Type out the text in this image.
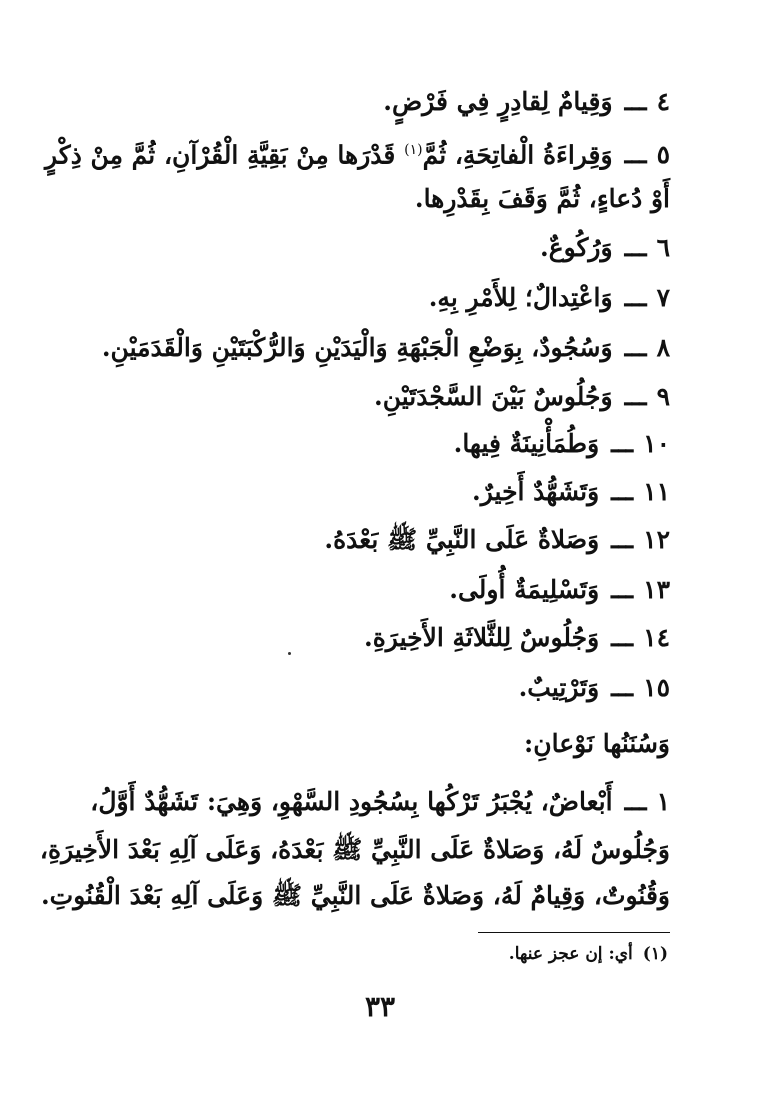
٤ـــوَقِيامٌ لِقادِرٍ فِي فَرْضٍ.
٥ـــوَقِراءَةُ الْفاتِحَةِ، ثُمَّ$^{(١)}$ قَدْرَها مِنْ بَقِيَّةِ الْقُرْآنِ، ثُمَّ مِنْ ذِكْرٍ
أَوْ دُعاءٍ، ثُمَّ وَقَفَ بِقَدْرِها.
٦ـــوَرُكُوعٌ.
٧ـــوَاعْتِدالٌ؛ لِلأَمْرِ بِهِ.
٨ـــوَسُجُودٌ، بِوَضْعِ الْجَبْهَةِ وَالْيَدَيْنِ وَالرُّكْبَتَيْنِ وَالْقَدَمَيْنِ.
٩ـــوَجُلُوسٌ بَيْنَ السَّجْدَتَيْنِ.
١٠ـــوَطُمَأْنِينَةٌ فِيها.
١١ـــوَتَشَهُّدٌ أَخِيرٌ.
١٢ـــوَصَلاةٌ عَلَى النَّبِيِّ ﷺ بَعْدَهُ.
١٣ـــوَتَسْلِيمَةٌ أُولَى.
١٤ـــوَجُلُوسٌ لِلثَّلاثَةِ الأَخِيرَةِ.
١٥ـــوَتَرْتِيبٌ.
وَسُنَنُها نَوْعانِ:
١ـــأَبْعاضٌ، يُجْبَرُ تَرْكُها بِسُجُودِ السَّهْوِ، وَهِيَ: تَشَهُّدٌ أَوَّلُ،
وَجُلُوسٌ لَهُ، وَصَلاةٌ عَلَى النَّبِيِّ ﷺ بَعْدَهُ، وَعَلَى آلِهِ بَعْدَ الأَخِيرَةِ،
وَقُنُوتٌ، وَقِيامٌ لَهُ، وَصَلاةٌ عَلَى النَّبِيِّ ﷺ وَعَلَى آلِهِ بَعْدَ الْقُنُوتِ.
(١)أي: إن عجز عنها.
٣٣
